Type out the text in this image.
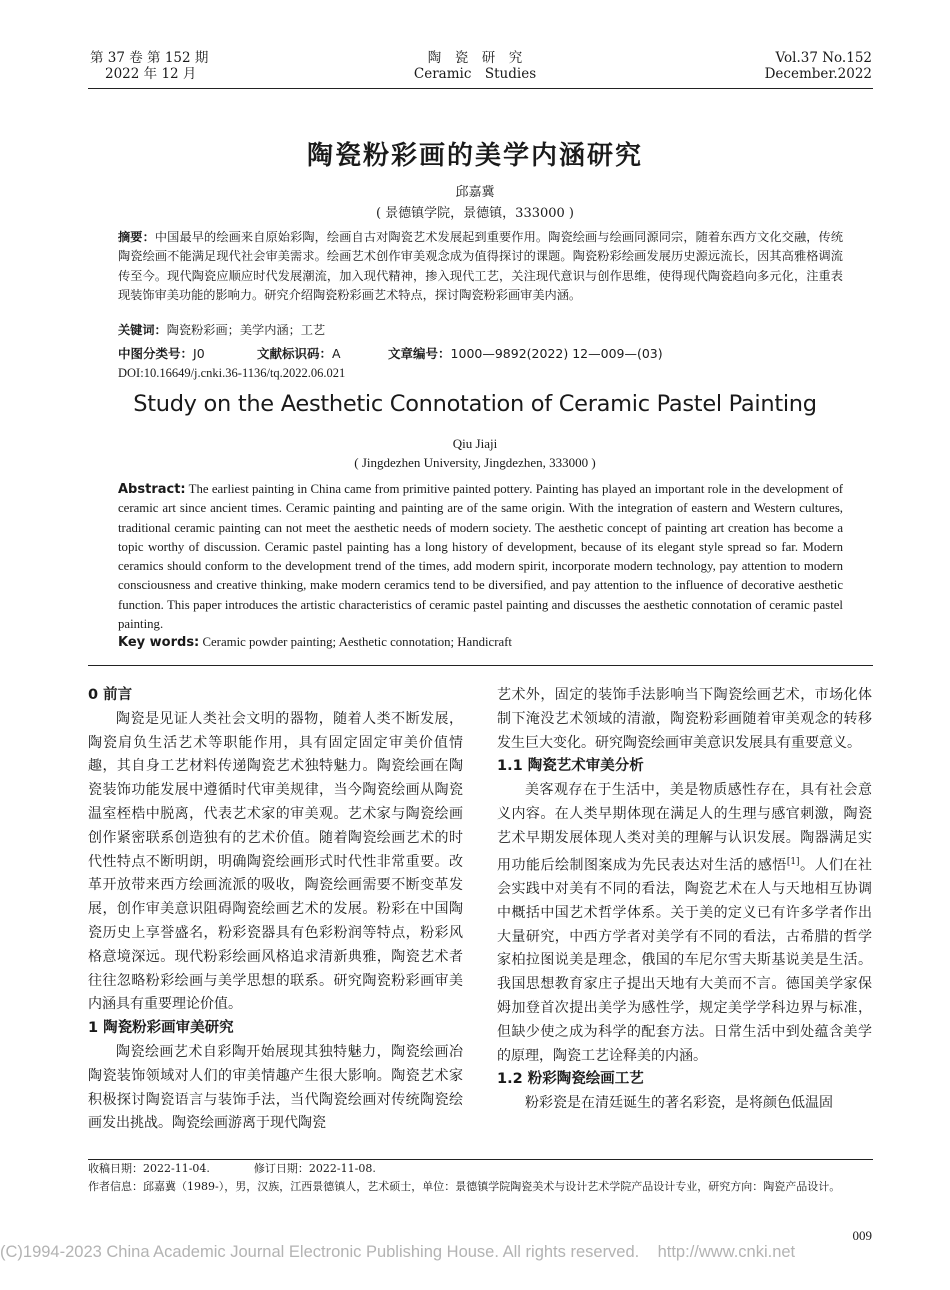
第 37 卷 第 152 期
2022 年 12 月
陶　瓷　研　究
Ceramic　Studies
Vol.37 No.152
December.2022
陶瓷粉彩画的美学内涵研究
邱嘉冀
( 景德镇学院，景德镇，333000 )
摘要：中国最早的绘画来自原始彩陶，绘画自古对陶瓷艺术发展起到重要作用。陶瓷绘画与绘画同源同宗，随着东西方文化交融，传统陶瓷绘画不能满足现代社会审美需求。绘画艺术创作审美观念成为值得探讨的课题。陶瓷粉彩绘画发展历史源远流长，因其高雅格调流传至今。现代陶瓷应顺应时代发展潮流，加入现代精神，掺入现代工艺，关注现代意识与创作思维，使得现代陶瓷趋向多元化，注重表现装饰审美功能的影响力。研究介绍陶瓷粉彩画艺术特点，探讨陶瓷粉彩画审美内涵。
关键词：陶瓷粉彩画；美学内涵；工艺
中图分类号：J0	文献标识码：A	文章编号：1000—9892(2022) 12—009—(03)
DOI:10.16649/j.cnki.36-1136/tq.2022.06.021
Study on the Aesthetic Connotation of Ceramic Pastel Painting
Qiu Jiaji
( Jingdezhen University, Jingdezhen, 333000 )
Abstract: The earliest painting in China came from primitive painted pottery. Painting has played an important role in the development of ceramic art since ancient times. Ceramic painting and painting are of the same origin. With the integration of eastern and Western cultures, traditional ceramic painting can not meet the aesthetic needs of modern society. The aesthetic concept of painting art creation has become a topic worthy of discussion. Ceramic pastel painting has a long history of development, because of its elegant style spread so far. Modern ceramics should conform to the development trend of the times, add modern spirit, incorporate modern technology, pay attention to modern consciousness and creative thinking, make modern ceramics tend to be diversified, and pay attention to the influence of decorative aesthetic function. This paper introduces the artistic characteristics of ceramic pastel painting and discusses the aesthetic connotation of ceramic pastel painting.
Key words: Ceramic powder painting; Aesthetic connotation; Handicraft
0 前言

陶瓷是见证人类社会文明的器物，随着人类不断发展，陶瓷肩负生活艺术等职能作用，具有固定固定审美价值情趣，其自身工艺材料传递陶瓷艺术独特魅力。陶瓷绘画在陶瓷装饰功能发展中遵循时代审美规律，当今陶瓷绘画从陶瓷温室桎梏中脱离，代表艺术家的审美观。艺术家与陶瓷绘画创作紧密联系创造独有的艺术价值。随着陶瓷绘画艺术的时代性特点不断明朗，明确陶瓷绘画形式时代性非常重要。改革开放带来西方绘画流派的吸收，陶瓷绘画需要不断变革发展，创作审美意识阻碍陶瓷绘画艺术的发展。粉彩在中国陶瓷历史上享誉盛名，粉彩瓷器具有色彩粉润等特点，粉彩风格意境深远。现代粉彩绘画风格追求清新典雅，陶瓷艺术者往往忽略粉彩绘画与美学思想的联系。研究陶瓷粉彩画审美内涵具有重要理论价值。

1 陶瓷粉彩画审美研究

陶瓷绘画艺术自彩陶开始展现其独特魅力，陶瓷绘画冶陶瓷装饰领域对人们的审美情趣产生很大影响。陶瓷艺术家积极探讨陶瓷语言与装饰手法，当代陶瓷绘画对传统陶瓷绘画发出挑战。陶瓷绘画游离于现代陶瓷

艺术外，固定的装饰手法影响当下陶瓷绘画艺术，市场化体制下淹没艺术领域的清澈，陶瓷粉彩画随着审美观念的转移发生巨大变化。研究陶瓷绘画审美意识发展具有重要意义。

1.1 陶瓷艺术审美分析

美客观存在于生活中，美是物质感性存在，具有社会意义内容。在人类早期体现在满足人的生理与感官刺激，陶瓷艺术早期发展体现人类对美的理解与认识发展。陶器满足实用功能后绘制图案成为先民表达对生活的感悟[1]。人们在社会实践中对美有不同的看法，陶瓷艺术在人与天地相互协调中概括中国艺术哲学体系。关于美的定义已有许多学者作出大量研究，中西方学者对美学有不同的看法，古希腊的哲学家柏拉图说美是理念，俄国的车尼尔雪夫斯基说美是生活。我国思想教育家庄子提出天地有大美而不言。德国美学家保姆加登首次提出美学为感性学，规定美学学科边界与标准，但缺少使之成为科学的配套方法。日常生活中到处蕴含美学的原理，陶瓷工艺诠释美的内涵。

1.2 粉彩陶瓷绘画工艺

粉彩瓷是在清廷诞生的著名彩瓷，是将颜色低温固

收稿日期：2022-11-04.　　　　修订日期：2022-11-08.
作者信息：邱嘉冀（1989-），男，汉族，江西景德镇人，艺术硕士，单位：景德镇学院陶瓷美术与设计艺术学院产品设计专业，研究方向：陶瓷产品设计。
009
(C)1994-2023 China Academic Journal Electronic Publishing House. All rights reserved.    http://www.cnki.net
